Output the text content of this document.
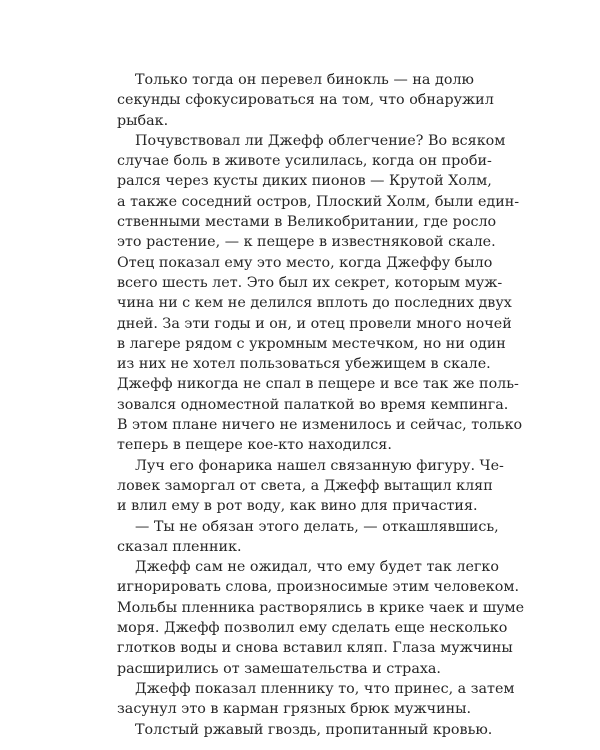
Только тогда он перевел бинокль — на долю
секунды сфокусироваться на том, что обнаружил
рыбак.
Почувствовал ли Джефф облегчение? Во всяком
случае боль в животе усилилась, когда он проби-
рался через кусты диких пионов — Крутой Холм,
а также соседний остров, Плоский Холм, были един-
ственными местами в Великобритании, где росло
это растение, — к пещере в известняковой скале.
Отец показал ему это место, когда Джеффу было
всего шесть лет. Это был их секрет, которым муж-
чина ни с кем не делился вплоть до последних двух
дней. За эти годы и он, и отец провели много ночей
в лагере рядом с укромным местечком, но ни один
из них не хотел пользоваться убежищем в скале.
Джефф никогда не спал в пещере и все так же поль-
зовался одноместной палаткой во время кемпинга.
В этом плане ничего не изменилось и сейчас, только
теперь в пещере кое-кто находился.
Луч его фонарика нашел связанную фигуру. Че-
ловек заморгал от света, а Джефф вытащил кляп
и влил ему в рот воду, как вино для причастия.
— Ты не обязан этого делать, — откашлявшись,
сказал пленник.
Джефф сам не ожидал, что ему будет так легко
игнорировать слова, произносимые этим человеком.
Мольбы пленника растворялись в крике чаек и шуме
моря. Джефф позволил ему сделать еще несколько
глотков воды и снова вставил кляп. Глаза мужчины
расширились от замешательства и страха.
Джефф показал пленнику то, что принес, а затем
засунул это в карман грязных брюк мужчины.
Толстый ржавый гвоздь, пропитанный кровью.
